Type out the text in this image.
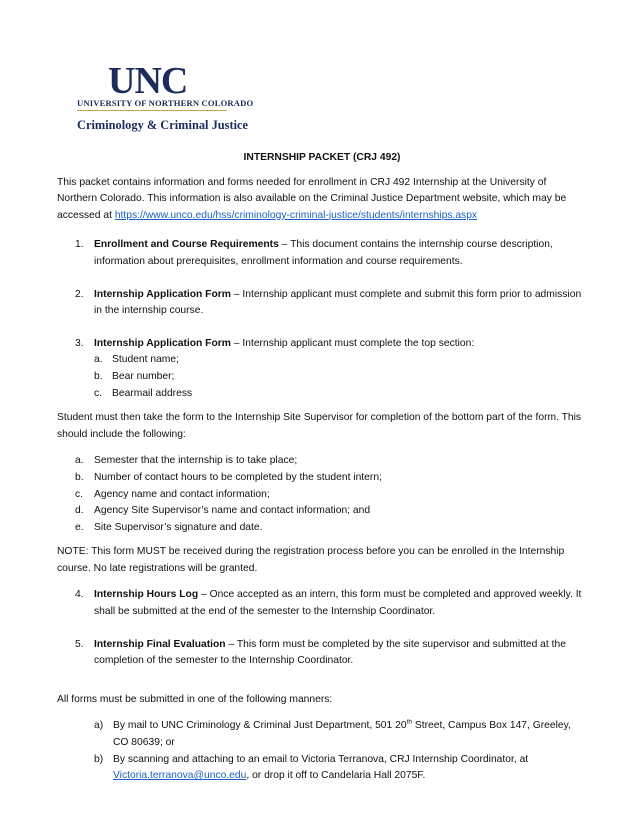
UNC
UNIVERSITY OF NORTHERN COLORADO
Criminology & Criminal Justice
INTERNSHIP PACKET (CRJ 492)

This packet contains information and forms needed for enrollment in CRJ 492 Internship at the University of Northern Colorado. This information is also available on the Criminal Justice Department website, which may be accessed at https://www.unco.edu/hss/criminology-criminal-justice/students/internships.aspx

1. Enrollment and Course Requirements – This document contains the internship course description, information about prerequisites, enrollment information and course requirements.
2. Internship Application Form – Internship applicant must complete and submit this form prior to admission in the internship course.
3. Internship Application Form – Internship applicant must complete the top section:
a. Student name;
b. Bear number;
c. Bearmail address

Student must then take the form to the Internship Site Supervisor for completion of the bottom part of the form. This should include the following:

a. Semester that the internship is to take place;
b. Number of contact hours to be completed by the student intern;
c. Agency name and contact information;
d. Agency Site Supervisor’s name and contact information; and
e. Site Supervisor’s signature and date.

NOTE: This form MUST be received during the registration process before you can be enrolled in the Internship course. No late registrations will be granted.

4. Internship Hours Log – Once accepted as an intern, this form must be completed and approved weekly. It shall be submitted at the end of the semester to the Internship Coordinator.
5. Internship Final Evaluation – This form must be completed by the site supervisor and submitted at the completion of the semester to the Internship Coordinator.

All forms must be submitted in one of the following manners:

a) By mail to UNC Criminology & Criminal Just Department, 501 20th Street, Campus Box 147, Greeley, CO 80639; or
b) By scanning and attaching to an email to Victoria Terranova, CRJ Internship Coordinator, at Victoria.terranova@unco.edu, or drop it off to Candelaria Hall 2075F.
